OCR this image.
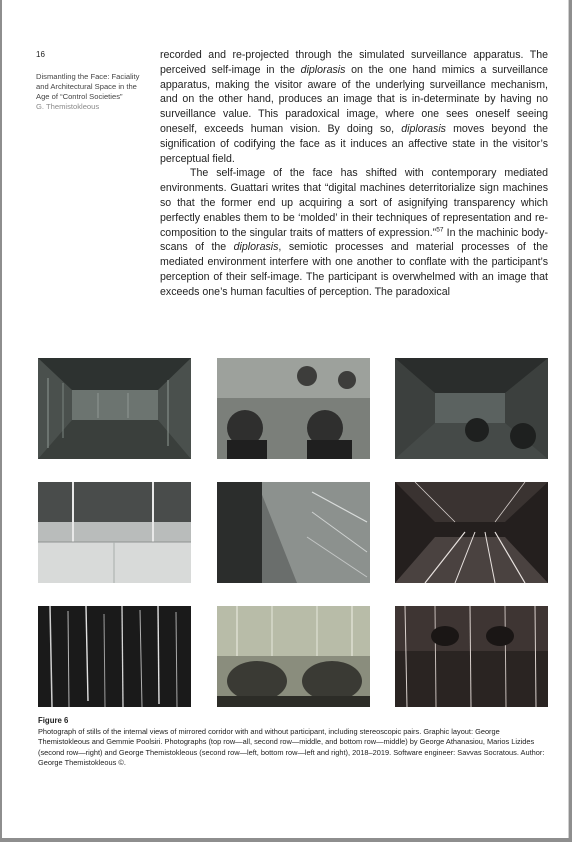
16
Dismantling the Face: Faciality and Architectural Space in the Age of “Control Societies”
G. Themistokleous

recorded and re-projected through the simulated surveillance apparatus. The perceived self-image in the diplorasis on the one hand mimics a surveillance apparatus, making the visitor aware of the underlying surveillance mechanism, and on the other hand, produces an image that is in-determinate by having no surveillance value. This paradoxical image, where one sees oneself seeing oneself, exceeds human vision. By doing so, diplorasis moves beyond the signification of codifying the face as it induces an affective state in the visitor’s perceptual field.

The self-image of the face has shifted with contemporary mediated environments. Guattari writes that “digital machines deterritorialize sign machines so that the former end up acquiring a sort of asignifying transparency which perfectly enables them to be ‘molded’ in their techniques of representation and re-composition to the singular traits of matters of expression.”$^{57}$ In the machinic body-scans of the diplorasis, semiotic processes and material processes of the mediated environment interfere with one another to conflate with the participant’s perception of their self-image. The participant is overwhelmed with an image that exceeds one’s human faculties of perception. The paradoxical

Figure 6
Photograph of stills of the internal views of mirrored corridor with and without participant, including stereoscopic pairs. Graphic layout: George Themistokleous and Gemmie Poolsiri. Photographs (top row—all, second row—middle, and bottom row—middle) by George Athanasiou, Marios Lizides (second row—right) and George Themistokleous (second row—left, bottom row—left and right), 2018–2019. Software engineer: Savvas Socratous. Author: George Themistokleous ©.
